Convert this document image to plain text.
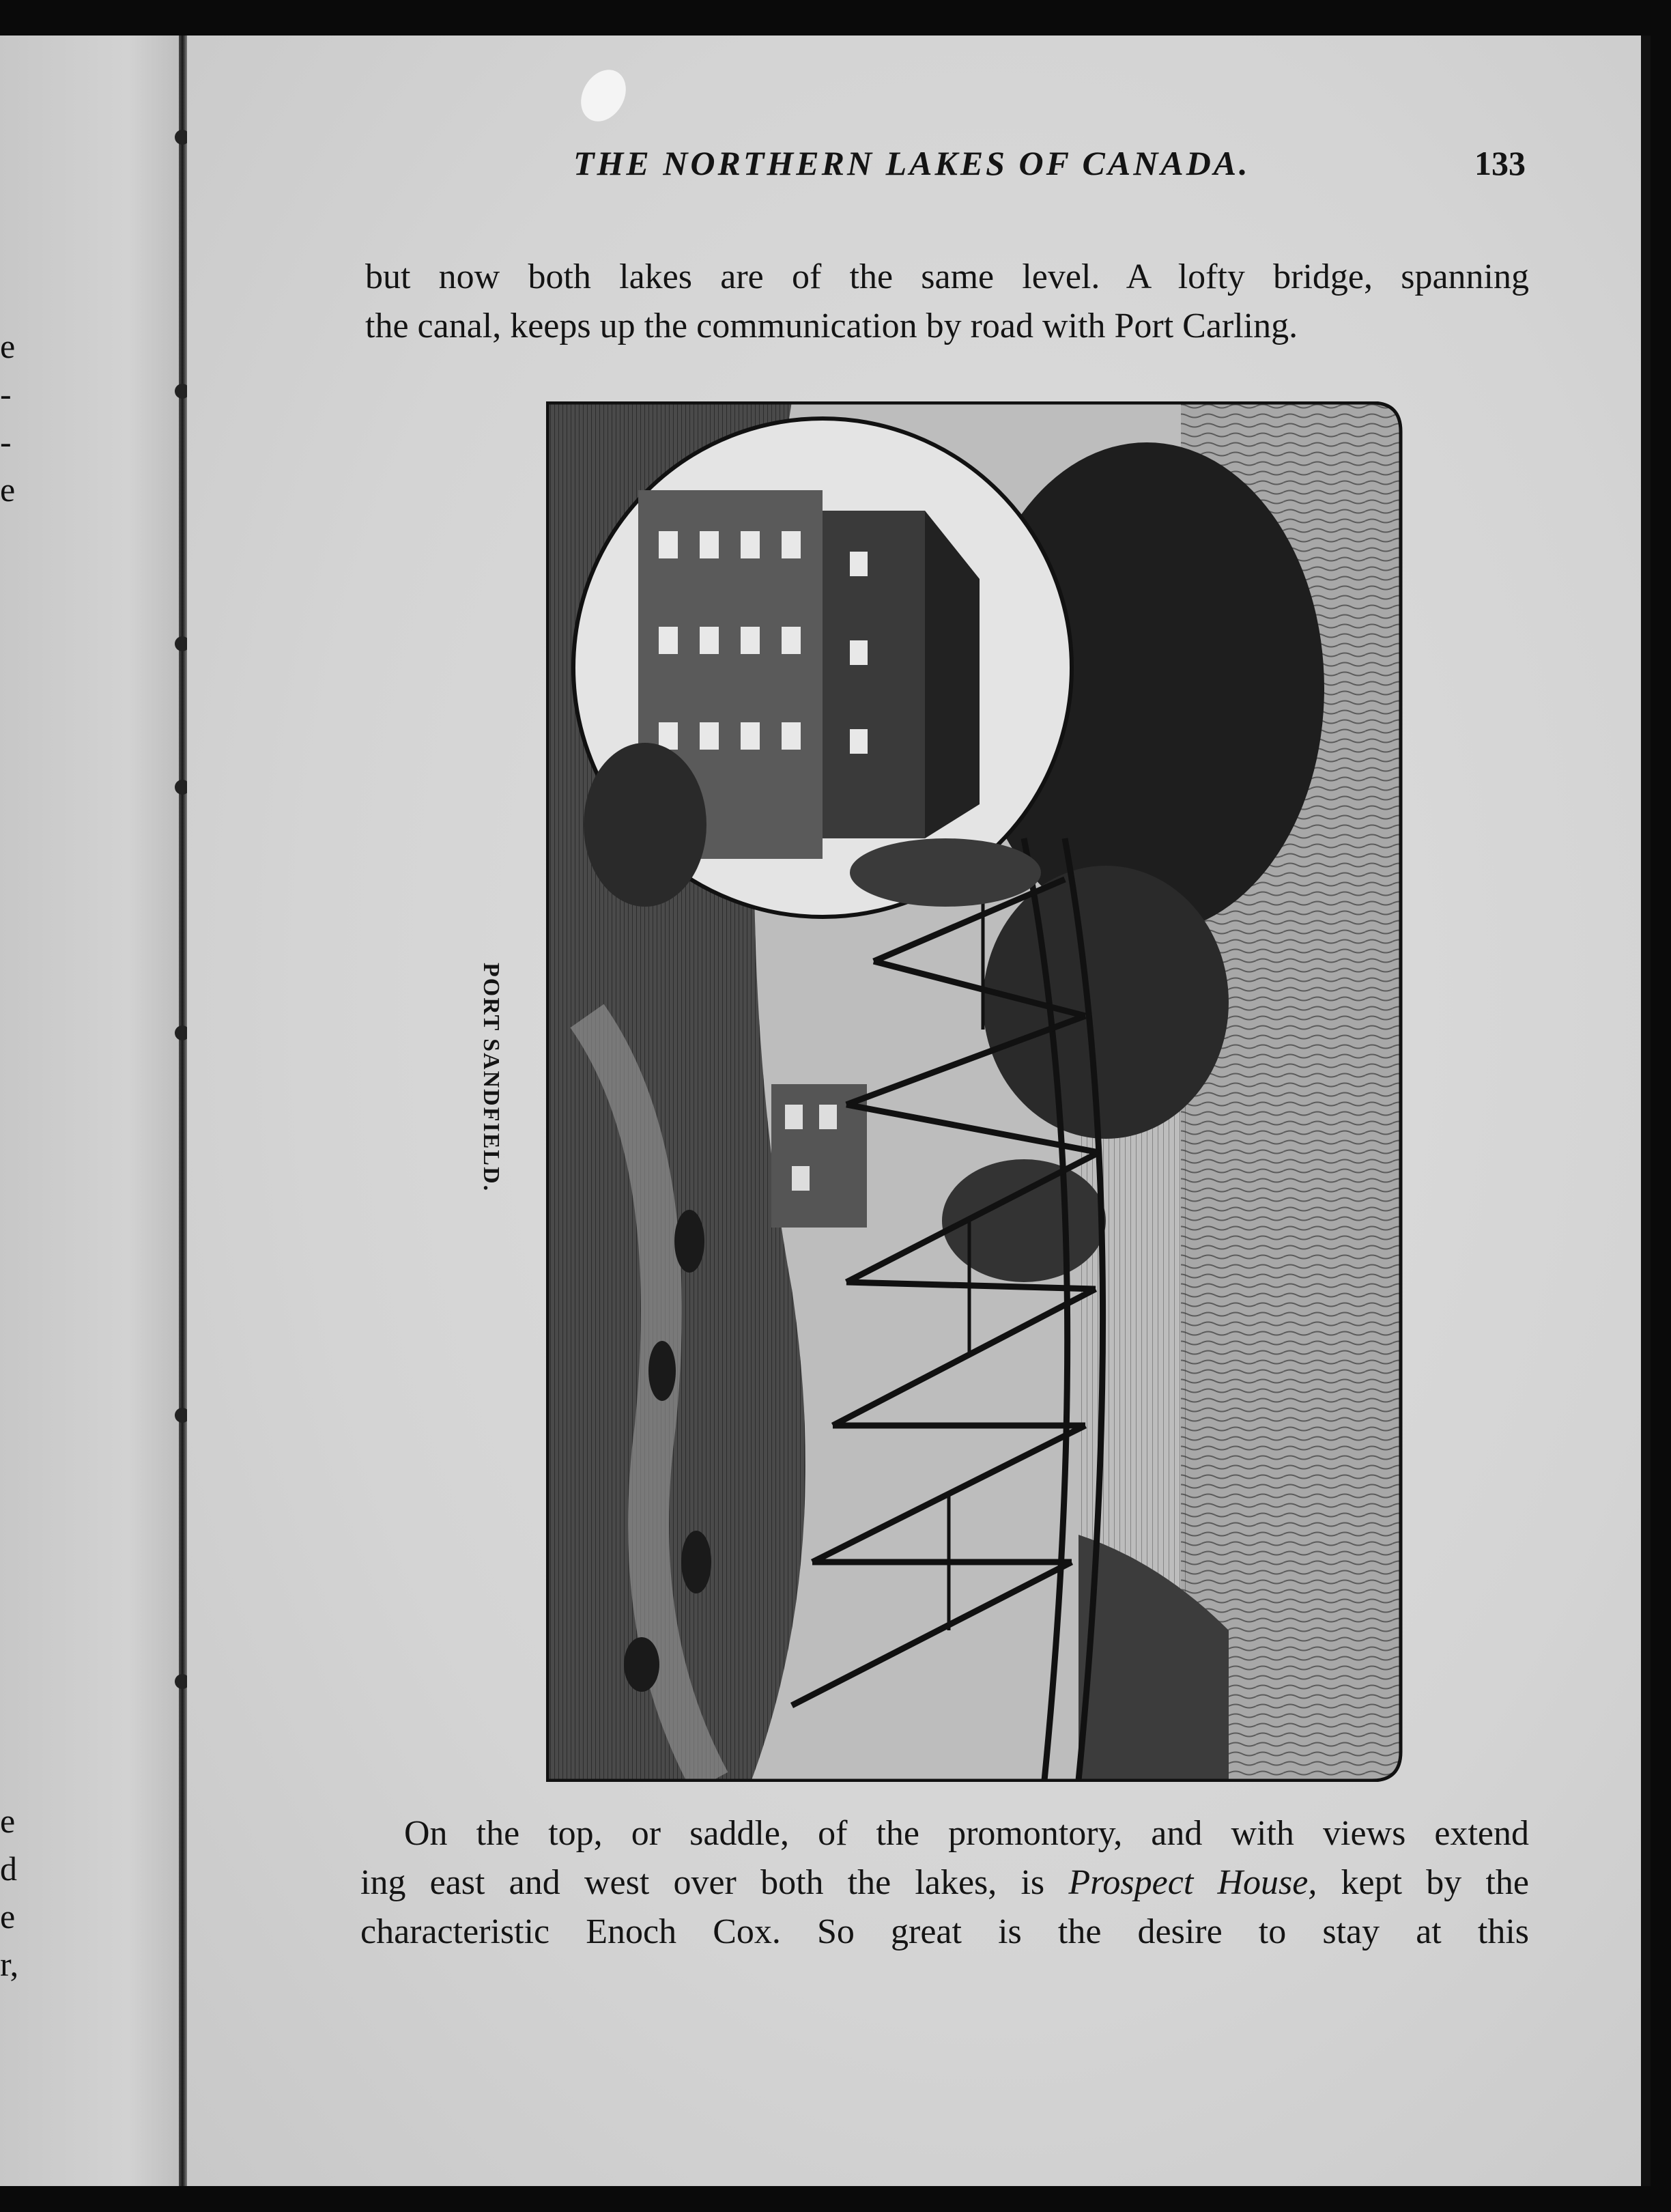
e
-
-
e
e
d
e
r,
THE NORTHERN LAKES OF CANADA.	133
but now both lakes are of the same level. A lofty bridge, spanning
the canal, keeps up the communication by road with Port Carling.
PORT SANDFIELD.
On the top, or saddle, of the promontory, and with views extend
ing east and west over both the lakes, is Prospect House, kept by the
characteristic Enoch Cox. So great is the desire to stay at this
